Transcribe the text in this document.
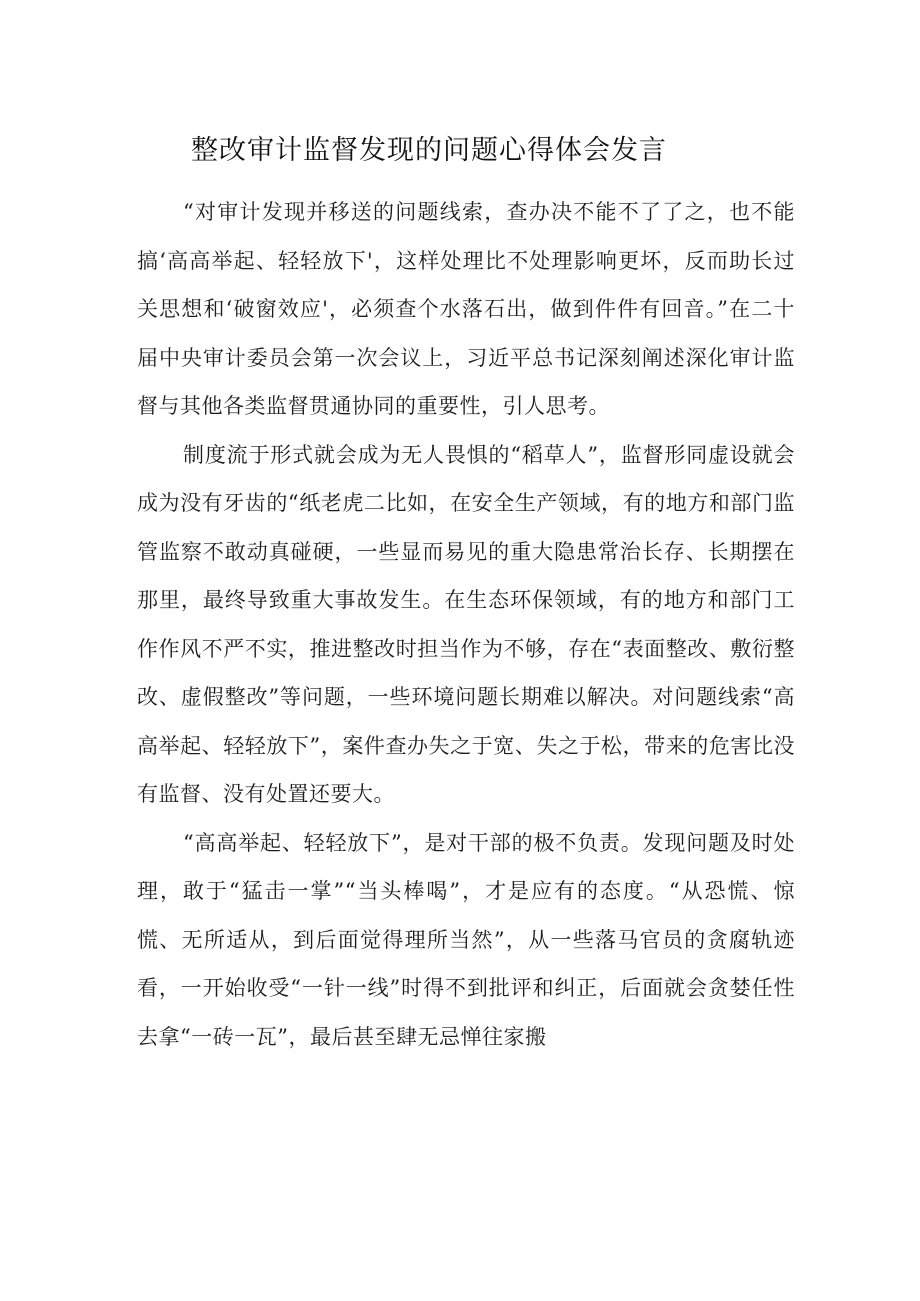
整改审计监督发现的问题心得体会发言

“对审计发现并移送的问题线索，查办决不能不了了之，也不能搞‘高高举起、轻轻放下'，这样处理比不处理影响更坏，反而助长过关思想和‘破窗效应'，必须查个水落石出，做到件件有回音。”在二十届中央审计委员会第一次会议上，习近平总书记深刻阐述深化审计监督与其他各类监督贯通协同的重要性，引人思考。

制度流于形式就会成为无人畏惧的“稻草人”，监督形同虚设就会成为没有牙齿的“纸老虎二比如，在安全生产领域，有的地方和部门监管监察不敢动真碰硬，一些显而易见的重大隐患常治长存、长期摆在那里，最终导致重大事故发生。在生态环保领域，有的地方和部门工作作风不严不实，推进整改时担当作为不够，存在“表面整改、敷衍整改、虚假整改”等问题，一些环境问题长期难以解决。对问题线索“高高举起、轻轻放下”，案件查办失之于宽、失之于松，带来的危害比没有监督、没有处置还要大。

“高高举起、轻轻放下”，是对干部的极不负责。发现问题及时处理，敢于“猛击一掌”“当头棒喝”，才是应有的态度。“从恐慌、惊慌、无所适从，到后面觉得理所当然”，从一些落马官员的贪腐轨迹看，一开始收受“一针一线”时得不到批评和纠正，后面就会贪婪任性去拿“一砖一瓦”，最后甚至肆无忌惮往家搬
